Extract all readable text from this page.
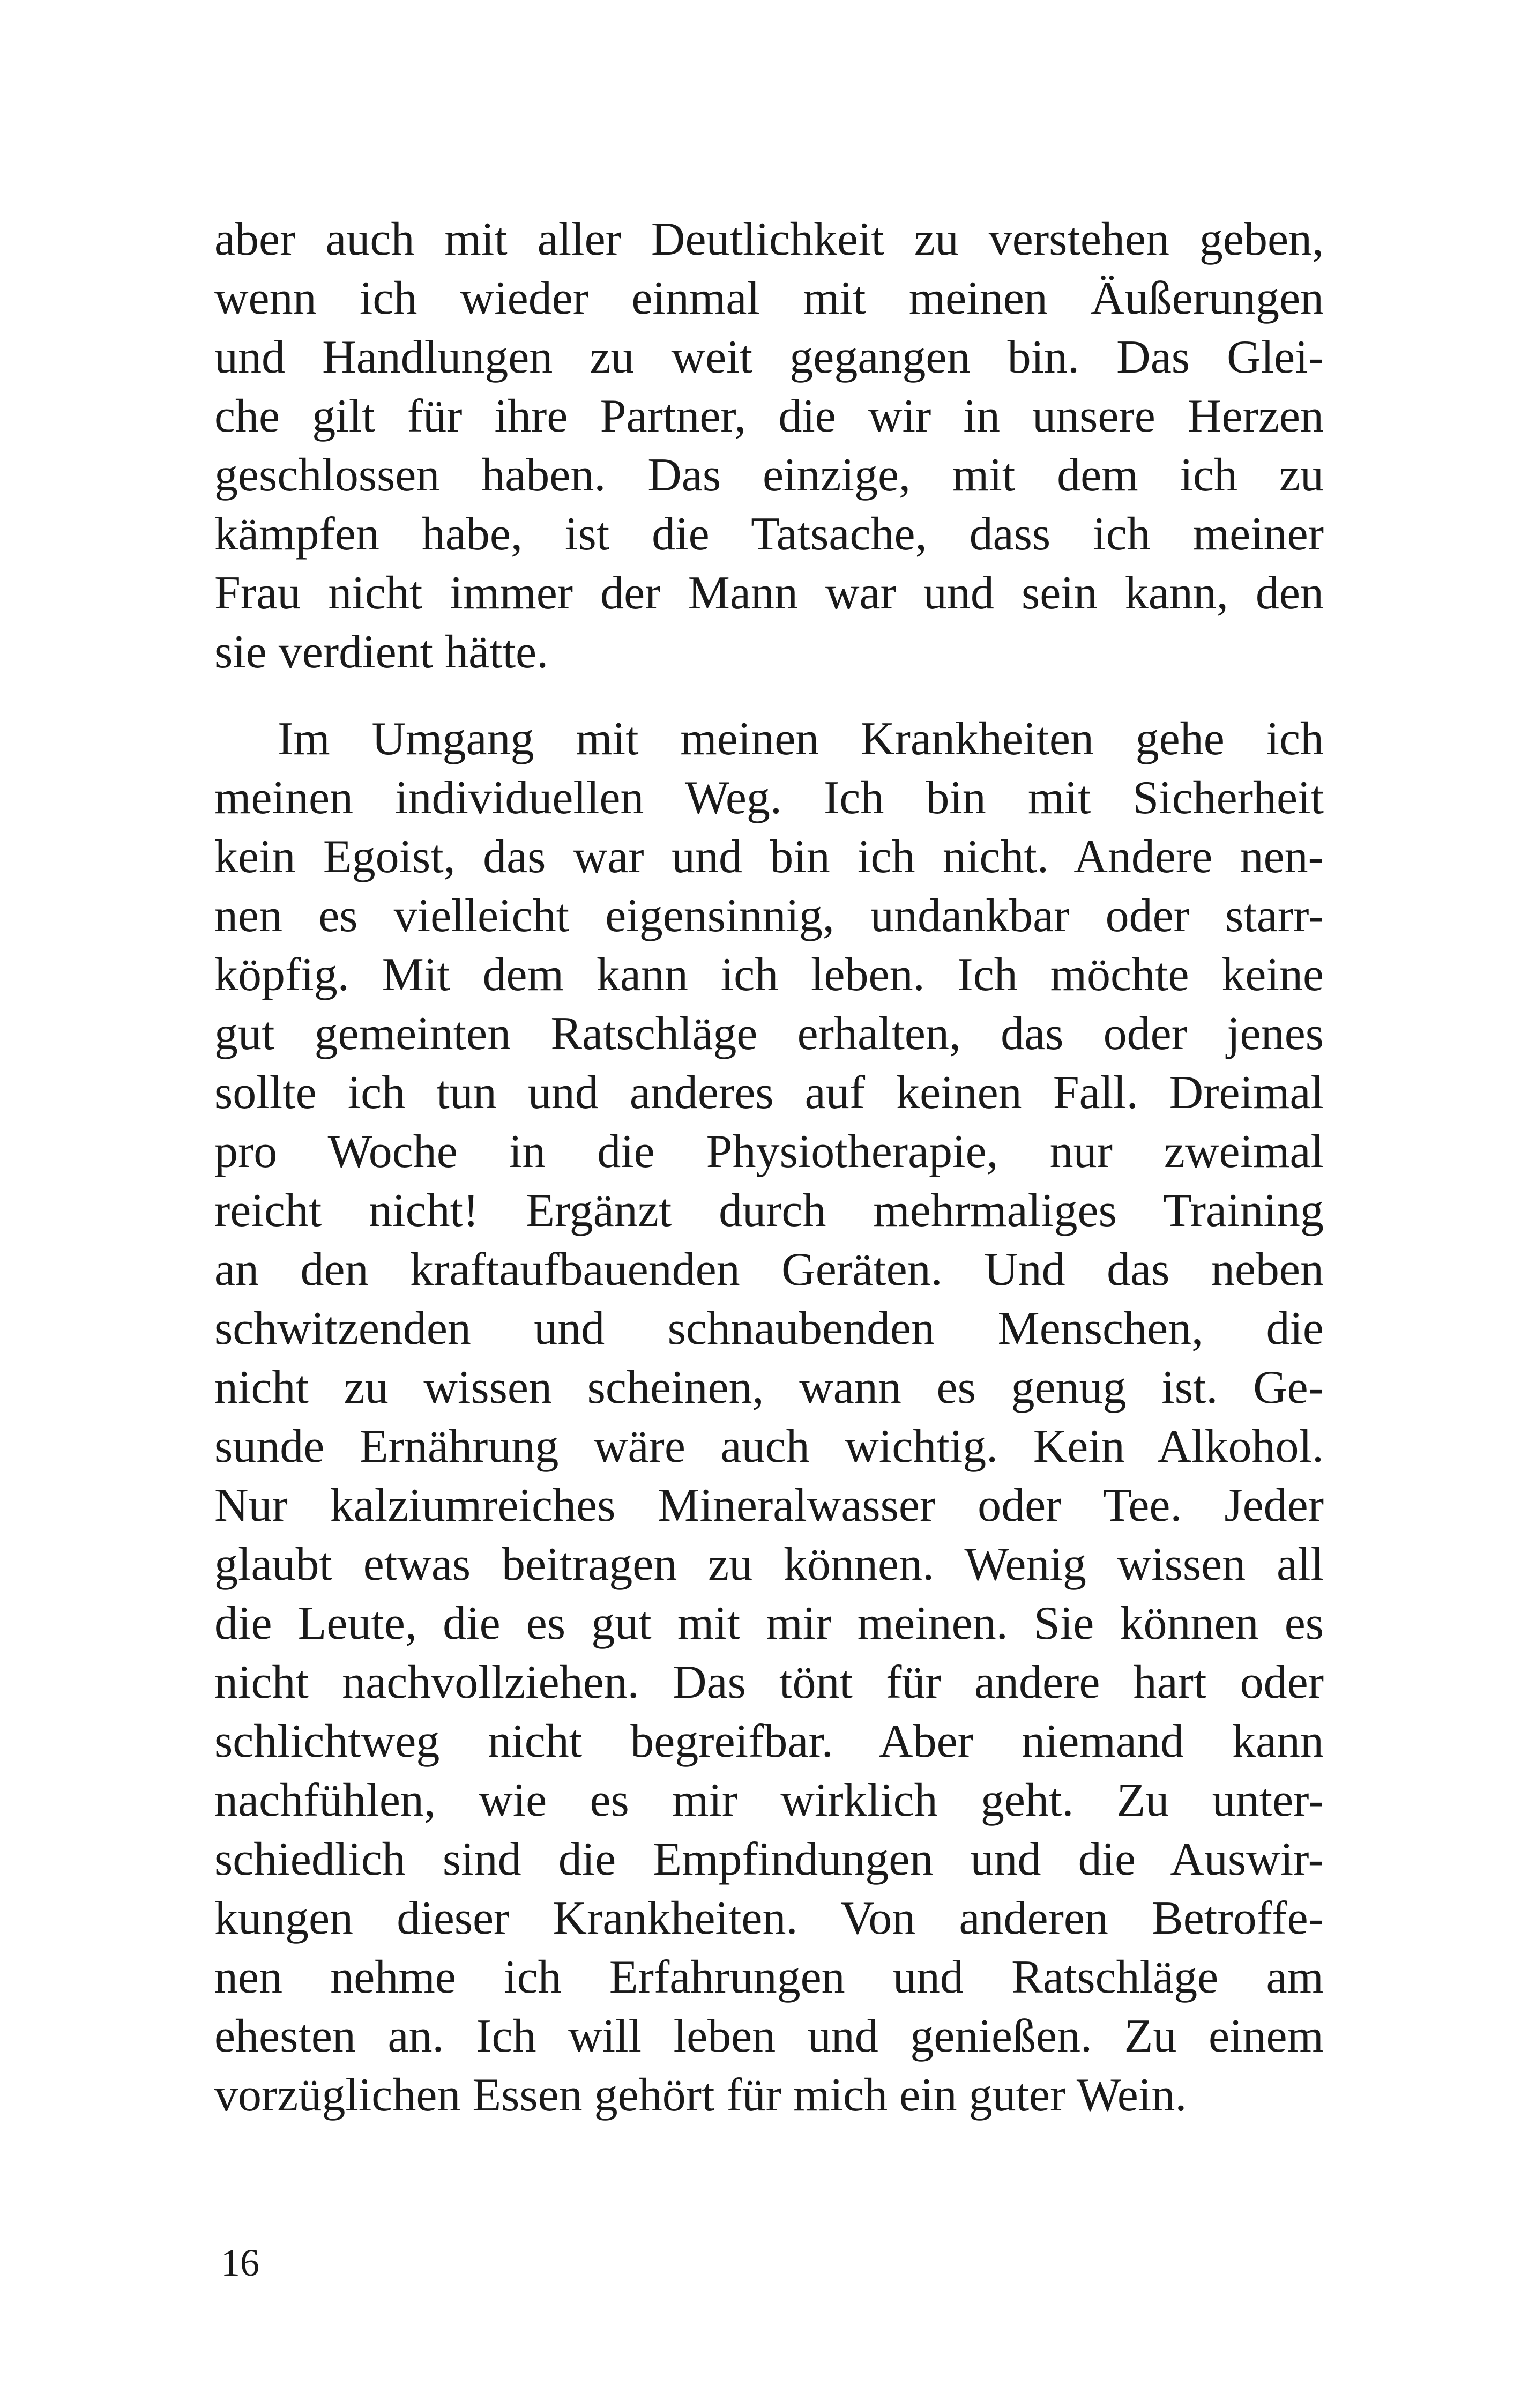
aber auch mit aller Deutlichkeit zu verstehen geben,
wenn ich wieder einmal mit meinen Äußerungen
und Handlungen zu weit gegangen bin. Das Glei-
che gilt für ihre Partner, die wir in unsere Herzen
geschlossen haben. Das einzige, mit dem ich zu
kämpfen habe, ist die Tatsache, dass ich meiner
Frau nicht immer der Mann war und sein kann, den
sie verdient hätte.
Im Umgang mit meinen Krankheiten gehe ich
meinen individuellen Weg. Ich bin mit Sicherheit
kein Egoist, das war und bin ich nicht. Andere nen-
nen es vielleicht eigensinnig, undankbar oder starr-
köpfig. Mit dem kann ich leben. Ich möchte keine
gut gemeinten Ratschläge erhalten, das oder jenes
sollte ich tun und anderes auf keinen Fall. Dreimal
pro Woche in die Physiotherapie, nur zweimal
reicht nicht! Ergänzt durch mehrmaliges Training
an den kraftaufbauenden Geräten. Und das neben
schwitzenden und schnaubenden Menschen, die
nicht zu wissen scheinen, wann es genug ist. Ge-
sunde Ernährung wäre auch wichtig. Kein Alkohol.
Nur kalziumreiches Mineralwasser oder Tee. Jeder
glaubt etwas beitragen zu können. Wenig wissen all
die Leute, die es gut mit mir meinen. Sie können es
nicht nachvollziehen. Das tönt für andere hart oder
schlichtweg nicht begreifbar. Aber niemand kann
nachfühlen, wie es mir wirklich geht. Zu unter-
schiedlich sind die Empfindungen und die Auswir-
kungen dieser Krankheiten. Von anderen Betroffe-
nen nehme ich Erfahrungen und Ratschläge am
ehesten an. Ich will leben und genießen. Zu einem
vorzüglichen Essen gehört für mich ein guter Wein.
16
